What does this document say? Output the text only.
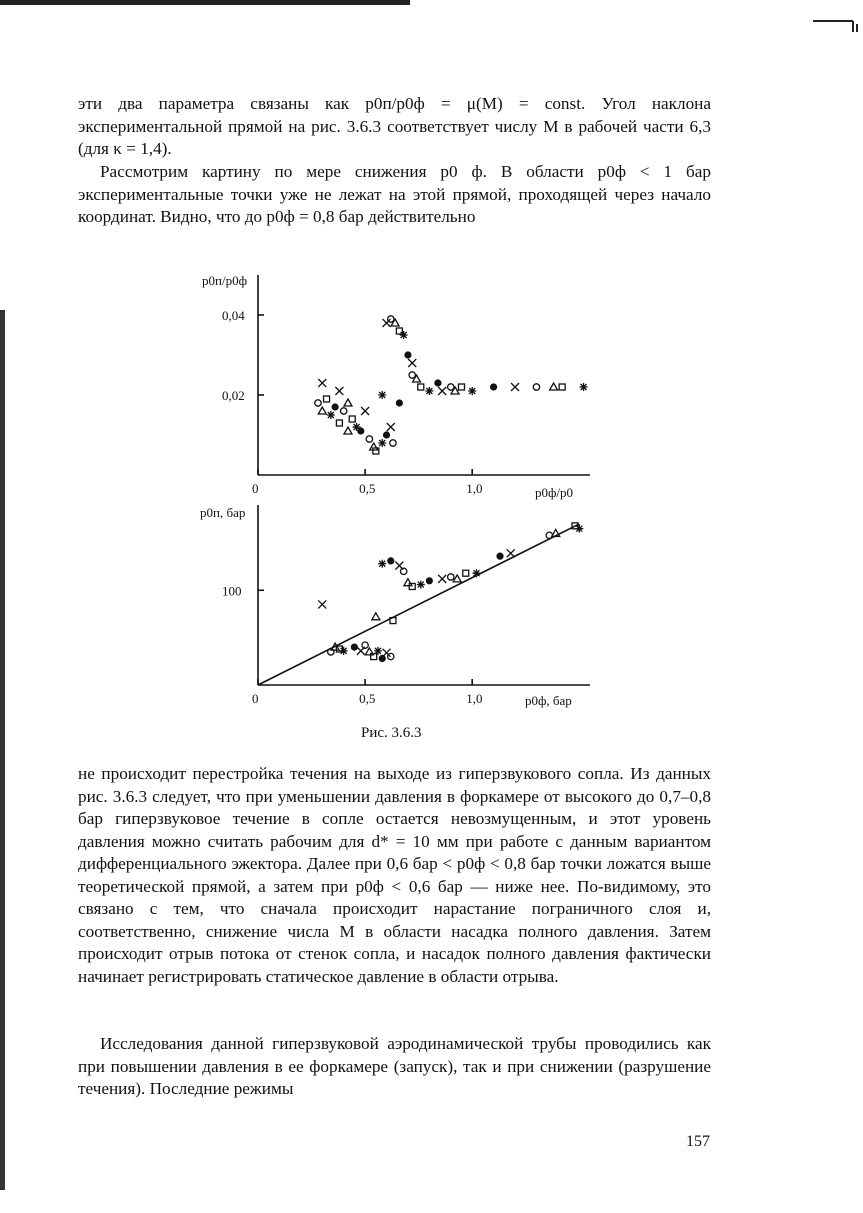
эти два параметра связаны как p0п/p0ф = μ(M) = const. Угол наклона экспериментальной прямой на рис. 3.6.3 соответствует числу M в рабочей части 6,3 (для κ = 1,4).

Рассмотрим картину по мере снижения p0 ф. В области p0ф < 1 бар экспериментальные точки уже не лежат на этой прямой, проходящей через начало координат. Видно, что до p0ф = 0,8 бар действительно

p0п/p0ф
p0ф/p0
0	0,5	1,0
0,02
0,04
p0п, бар
p0ф, бар
0	0,5	1,0
100
Рис. 3.6.3

не происходит перестройка течения на выходе из гиперзвукового сопла. Из данных рис. 3.6.3 следует, что при уменьшении давления в форкамере от высокого до 0,7–0,8 бар гиперзвуковое течение в сопле остается невозмущенным, и этот уровень давления можно считать рабочим для d* = 10 мм при работе с данным вариантом дифференциального эжектора. Далее при 0,6 бар < p0ф < 0,8 бар точки ложатся выше теоретической прямой, а затем при p0ф < 0,6 бар — ниже нее. По-видимому, это связано с тем, что сначала происходит нарастание пограничного слоя и, соответственно, снижение числа M в области насадка полного давления. Затем происходит отрыв потока от стенок сопла, и насадок полного давления фактически начинает регистрировать статическое давление в области отрыва.

Исследования данной гиперзвуковой аэродинамической трубы проводились как при повышении давления в ее форкамере (запуск), так и при снижении (разрушение течения). Последние режимы

157
